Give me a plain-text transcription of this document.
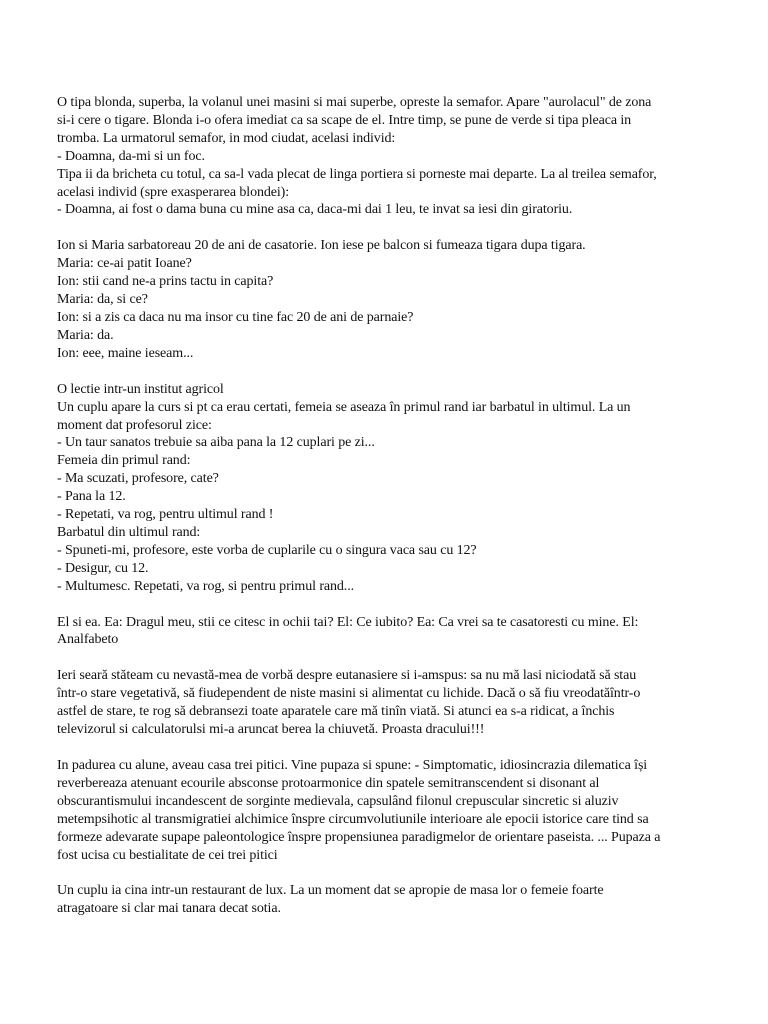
O tipa blonda, superba, la volanul unei masini si mai superbe, opreste la semafor. Apare "aurolacul" de zona
si-i cere o tigare. Blonda i-o ofera imediat ca sa scape de el. Intre timp, se pune de verde si tipa pleaca in
tromba. La urmatorul semafor, in mod ciudat, acelasi individ:
- Doamna, da-mi si un foc.
Tipa ii da bricheta cu totul, ca sa-l vada plecat de linga portiera si porneste mai departe. La al treilea semafor,
acelasi individ (spre exasperarea blondei):
- Doamna, ai fost o dama buna cu mine asa ca, daca-mi dai 1 leu, te invat sa iesi din giratoriu.
Ion si Maria sarbatoreau 20 de ani de casatorie. Ion iese pe balcon si fumeaza tigara dupa tigara.
Maria: ce-ai patit Ioane?
Ion: stii cand ne-a prins tactu in capita?
Maria: da, si ce?
Ion: si a zis ca daca nu ma insor cu tine fac 20 de ani de parnaie?
Maria: da.
Ion: eee, maine ieseam...
O lectie intr-un institut agricol
Un cuplu apare la curs si pt ca erau certati, femeia se aseaza în primul rand iar barbatul in ultimul. La un
moment dat profesorul zice:
- Un taur sanatos trebuie sa aiba pana la 12 cuplari pe zi...
Femeia din primul rand:
- Ma scuzati, profesore, cate?
- Pana la 12.
- Repetati, va rog, pentru ultimul rand !
Barbatul din ultimul rand:
- Spuneti-mi, profesore, este vorba de cuplarile cu o singura vaca sau cu 12?
- Desigur, cu 12.
- Multumesc. Repetati, va rog, si pentru primul rand...
El si ea. Ea: Dragul meu, stii ce citesc in ochii tai? El: Ce iubito? Ea: Ca vrei sa te casatoresti cu mine. El:
Analfabeto
Ieri seară stăteam cu nevastă-mea de vorbă despre eutanasiere si i-amspus: sa nu mă lasi niciodată să stau
într-o stare vegetativă, să fiudependent de niste masini si alimentat cu lichide. Dacă o să fiu vreodatăîntr-o
astfel de stare, te rog să debransezi toate aparatele care mă tinîn viată. Si atunci ea s-a ridicat, a închis
televizorul si calculatorulsi mi-a aruncat berea la chiuvetă. Proasta dracului!!!
In padurea cu alune, aveau casa trei pitici. Vine pupaza si spune: - Simptomatic, idiosincrazia dilematica își
reverbereaza atenuant ecourile absconse protoarmonice din spatele semitranscendent si disonant al
obscurantismului incandescent de sorginte medievala, capsulând filonul crepuscular sincretic si aluziv
metempsihotic al transmigratiei alchimice înspre circumvolutiunile interioare ale epocii istorice care tind sa
formeze adevarate supape paleontologice înspre propensiunea paradigmelor de orientare paseista. ... Pupaza a
fost ucisa cu bestialitate de cei trei pitici
Un cuplu ia cina intr-un restaurant de lux. La un moment dat se apropie de masa lor o femeie foarte
atragatoare si clar mai tanara decat sotia.
